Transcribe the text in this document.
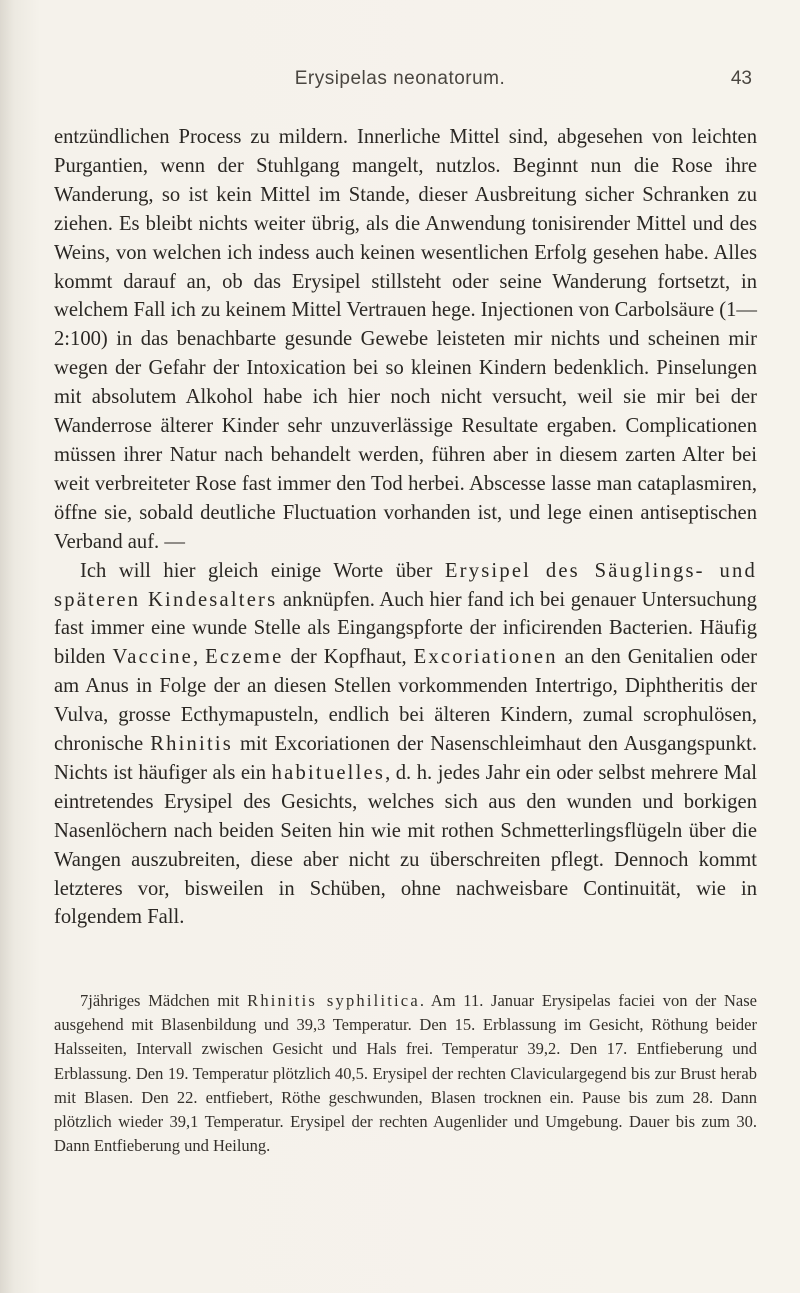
Erysipelas neonatorum.	43

entzündlichen Process zu mildern. Innerliche Mittel sind, abgesehen von leichten Purgantien, wenn der Stuhlgang mangelt, nutzlos. Beginnt nun die Rose ihre Wanderung, so ist kein Mittel im Stande, dieser Ausbreitung sicher Schranken zu ziehen. Es bleibt nichts weiter übrig, als die Anwendung tonisirender Mittel und des Weins, von welchen ich indess auch keinen wesentlichen Erfolg gesehen habe. Alles kommt darauf an, ob das Erysipel stillsteht oder seine Wanderung fortsetzt, in welchem Fall ich zu keinem Mittel Vertrauen hege. Injectionen von Carbolsäure (1—2:100) in das benachbarte gesunde Gewebe leisteten mir nichts und scheinen mir wegen der Gefahr der Intoxication bei so kleinen Kindern bedenklich. Pinselungen mit absolutem Alkohol habe ich hier noch nicht versucht, weil sie mir bei der Wanderrose älterer Kinder sehr unzuverlässige Resultate ergaben. Complicationen müssen ihrer Natur nach behandelt werden, führen aber in diesem zarten Alter bei weit verbreiteter Rose fast immer den Tod herbei. Abscesse lasse man cataplasmiren, öffne sie, sobald deutliche Fluctuation vorhanden ist, und lege einen antiseptischen Verband auf. —

Ich will hier gleich einige Worte über Erysipel des Säuglings- und späteren Kindesalters anknüpfen. Auch hier fand ich bei genauer Untersuchung fast immer eine wunde Stelle als Eingangspforte der inficirenden Bacterien. Häufig bilden Vaccine, Eczeme der Kopfhaut, Excoriationen an den Genitalien oder am Anus in Folge der an diesen Stellen vorkommenden Intertrigo, Diphtheritis der Vulva, grosse Ecthymapusteln, endlich bei älteren Kindern, zumal scrophulösen, chronische Rhinitis mit Excoriationen der Nasenschleimhaut den Ausgangspunkt. Nichts ist häufiger als ein habituelles, d. h. jedes Jahr ein oder selbst mehrere Mal eintretendes Erysipel des Gesichts, welches sich aus den wunden und borkigen Nasenlöchern nach beiden Seiten hin wie mit rothen Schmetterlingsflügeln über die Wangen auszubreiten, diese aber nicht zu überschreiten pflegt. Dennoch kommt letzteres vor, bisweilen in Schüben, ohne nachweisbare Continuität, wie in folgendem Fall.

7jähriges Mädchen mit Rhinitis syphilitica. Am 11. Januar Erysipelas faciei von der Nase ausgehend mit Blasenbildung und 39,3 Temperatur. Den 15. Erblassung im Gesicht, Röthung beider Halsseiten, Intervall zwischen Gesicht und Hals frei. Temperatur 39,2. Den 17. Entfieberung und Erblassung. Den 19. Temperatur plötzlich 40,5. Erysipel der rechten Claviculargegend bis zur Brust herab mit Blasen. Den 22. entfiebert, Röthe geschwunden, Blasen trocknen ein. Pause bis zum 28. Dann plötzlich wieder 39,1 Temperatur. Erysipel der rechten Augenlider und Umgebung. Dauer bis zum 30. Dann Entfieberung und Heilung.
